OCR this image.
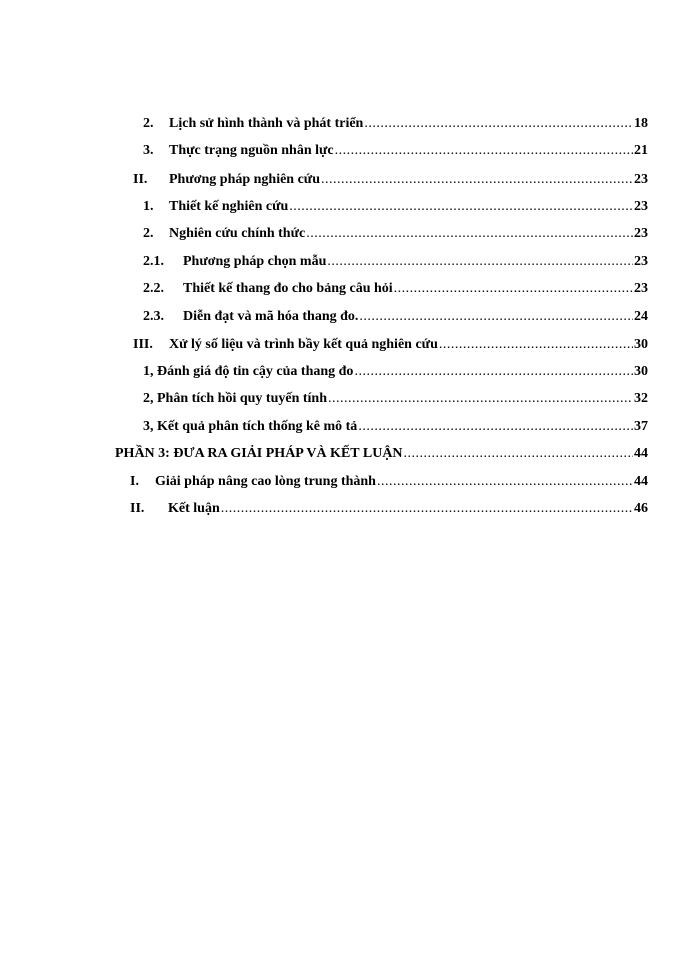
2.	Lịch sử hình thành và phát triển .....	18
3.	Thực trạng nguồn nhân lực .....	21
II.	Phương pháp nghiên cứu .....	23
1.	Thiết kế nghiên cứu .....	23
2.	Nghiên cứu chính thức .....	23
2.1.	Phương pháp chọn mẫu .....	23
2.2.	Thiết kế thang đo cho bảng câu hỏi .....	23
2.3.	Diễn đạt và mã hóa thang đo. .....	24
III.	Xử lý số liệu và trình bầy kết quả nghiên cứu .....	30
1, Đánh giá độ tin cậy của thang đo .....	30
2, Phân tích hồi quy tuyến tính .....	32
3, Kết quả phân tích thống kê mô tả .....	37
PHẦN 3: ĐƯA RA GIẢI PHÁP VÀ KẾT LUẬN .....	44
I.	Giải pháp nâng cao lòng trung thành .....	44
II.	Kết luận .....	46
